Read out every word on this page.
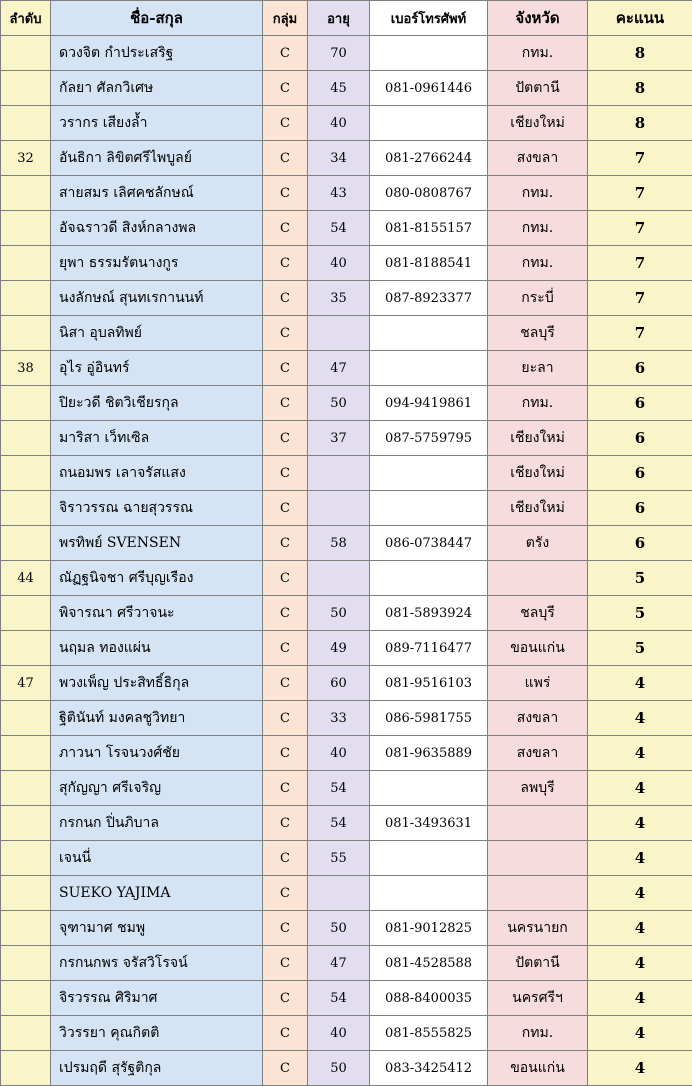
ลำดับ	ชื่อ-สกุล	กลุ่ม	อายุ	เบอร์โทรศัพท์	จังหวัด	คะแนน
	ดวงจิต กำประเสริฐ	C	70		กทม.	8
	กัลยา ศัลกวิเศษ	C	45	081-0961446	ปัตตานี	8
	วรากร เสียงล้ำ	C	40		เชียงใหม่	8
32	อันธิกา ลิขิตศรีไพบูลย์	C	34	081-2766244	สงขลา	7
	สายสมร เลิศคชลักษณ์	C	43	080-0808767	กทม.	7
	อัจฉราวดี สิงห์กลางพล	C	54	081-8155157	กทม.	7
	ยุพา ธรรมรัตนางกูร	C	40	081-8188541	กทม.	7
	นงลักษณ์ สุนทเรกานนท์	C	35	087-8923377	กระบี่	7
	นิสา อุบลทิพย์	C			ชลบุรี	7
38	อุไร อู่อินทร์	C	47		ยะลา	6
	ปิยะวดี ชิตวิเชียรกุล	C	50	094-9419861	กทม.	6
	มาริสา เว็ทเซิล	C	37	087-5759795	เชียงใหม่	6
	ถนอมพร เลาจรัสแสง	C			เชียงใหม่	6
	จิราวรรณ ฉายสุวรรณ	C			เชียงใหม่	6
	พรทิพย์ SVENSEN	C	58	086-0738447	ตรัง	6
44	ณัฏฐนิจชา ศรีบุญเรือง	C				5
	พิจารณา ศรีวาจนะ	C	50	081-5893924	ชลบุรี	5
	นฤมล ทองแผ่น	C	49	089-7116477	ขอนแก่น	5
47	พวงเพ็ญ ประสิทธิ์ธิกุล	C	60	081-9516103	แพร่	4
	ฐิตินันท์ มงคลชูวิทยา	C	33	086-5981755	สงขลา	4
	ภาวนา โรจนวงศ์ชัย	C	40	081-9635889	สงขลา	4
	สุกัญญา ศรีเจริญ	C	54		ลพบุรี	4
	กรกนก ปิ่นภิบาล	C	54	081-3493631		4
	เจนนี่	C	55			4
	SUEKO YAJIMA	C				4
	จุฑามาศ ชมพู	C	50	081-9012825	นครนายก	4
	กรกนกพร จรัสวิโรจน์	C	47	081-4528588	ปัตตานี	4
	จิรวรรณ ศิริมาศ	C	54	088-8400035	นครศรีฯ	4
	วิวรรยา คุณกิตติ	C	40	081-8555825	กทม.	4
	เปรมฤดี สุรัฐติกุล	C	50	083-3425412	ขอนแก่น	4
